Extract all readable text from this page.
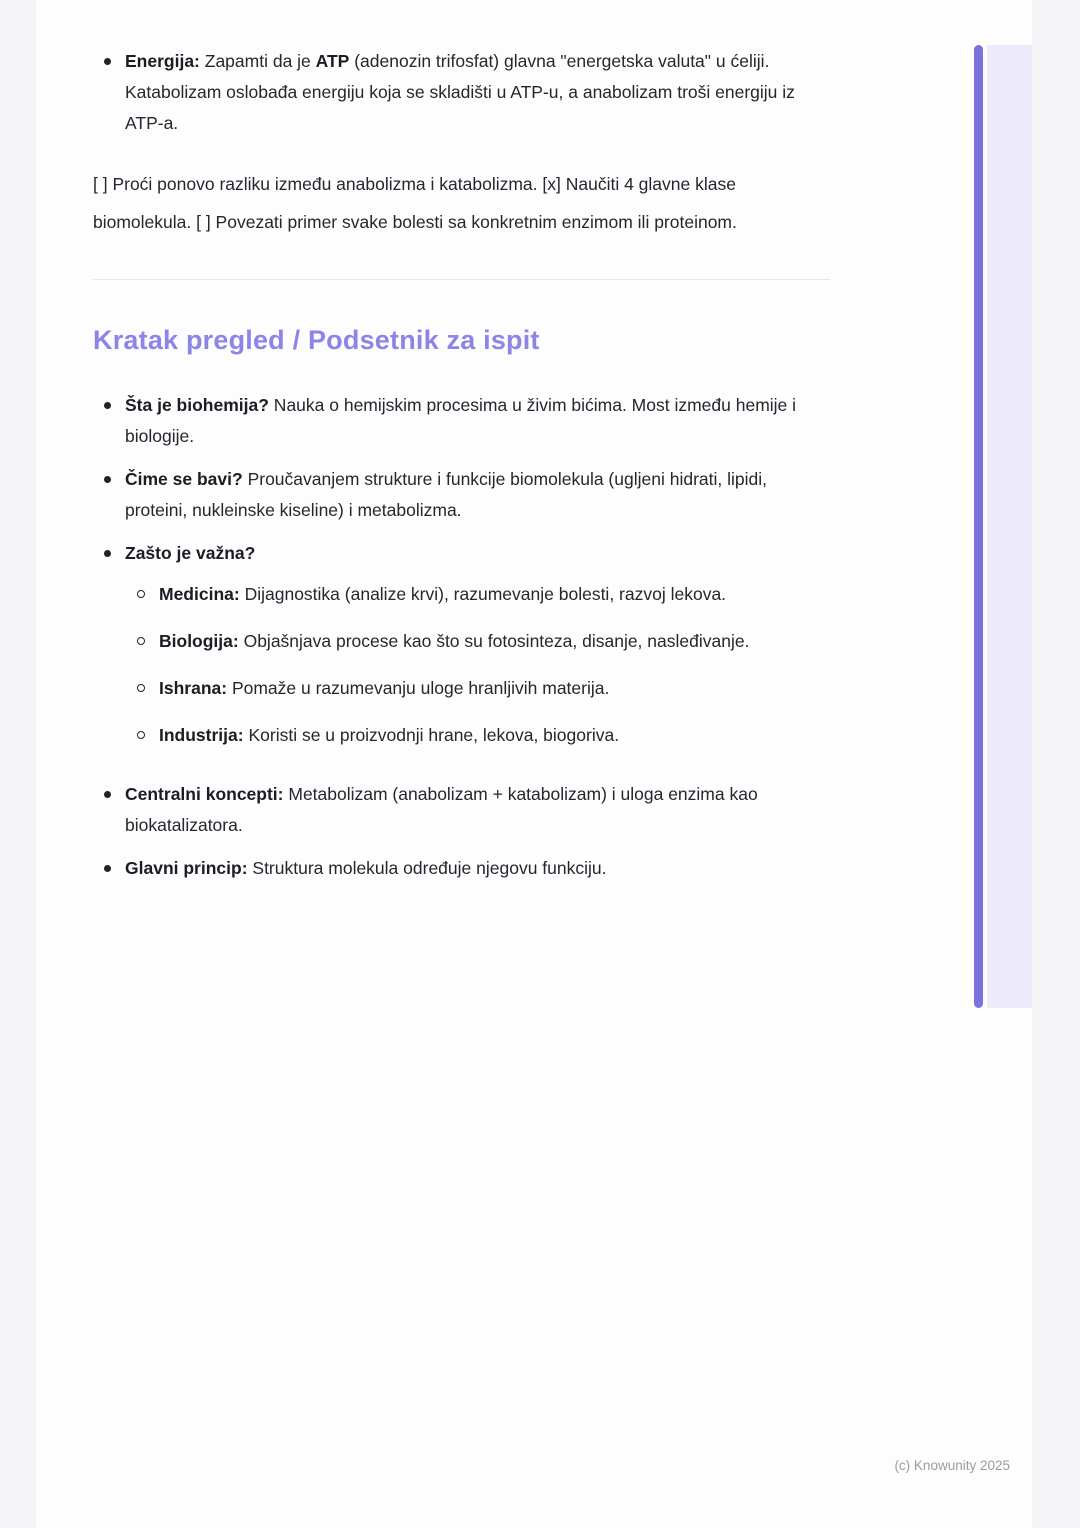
Energija: Zapamti da je ATP (adenozin trifosfat) glavna "energetska valuta" u ćeliji. Katabolizam oslobađa energiju koja se skladišti u ATP-u, a anabolizam troši energiju iz ATP-a.

[ ] Proći ponovo razliku između anabolizma i katabolizma. [x] Naučiti 4 glavne klase biomolekula. [ ] Povezati primer svake bolesti sa konkretnim enzimom ili proteinom.

Kratak pregled / Podsetnik za ispit

Šta je biohemija? Nauka o hemijskim procesima u živim bićima. Most između hemije i biologije.

Čime se bavi? Proučavanjem strukture i funkcije biomolekula (ugljeni hidrati, lipidi, proteini, nukleinske kiseline) i metabolizma.

Zašto je važna?

Medicina: Dijagnostika (analize krvi), razumevanje bolesti, razvoj lekova.

Biologija: Objašnjava procese kao što su fotosinteza, disanje, nasleđivanje.

Ishrana: Pomaže u razumevanju uloge hranljivih materija.

Industrija: Koristi se u proizvodnji hrane, lekova, biogoriva.

Centralni koncepti: Metabolizam (anabolizam + katabolizam) i uloga enzima kao biokatalizatora.

Glavni princip: Struktura molekula određuje njegovu funkciju.

(c) Knowunity 2025
